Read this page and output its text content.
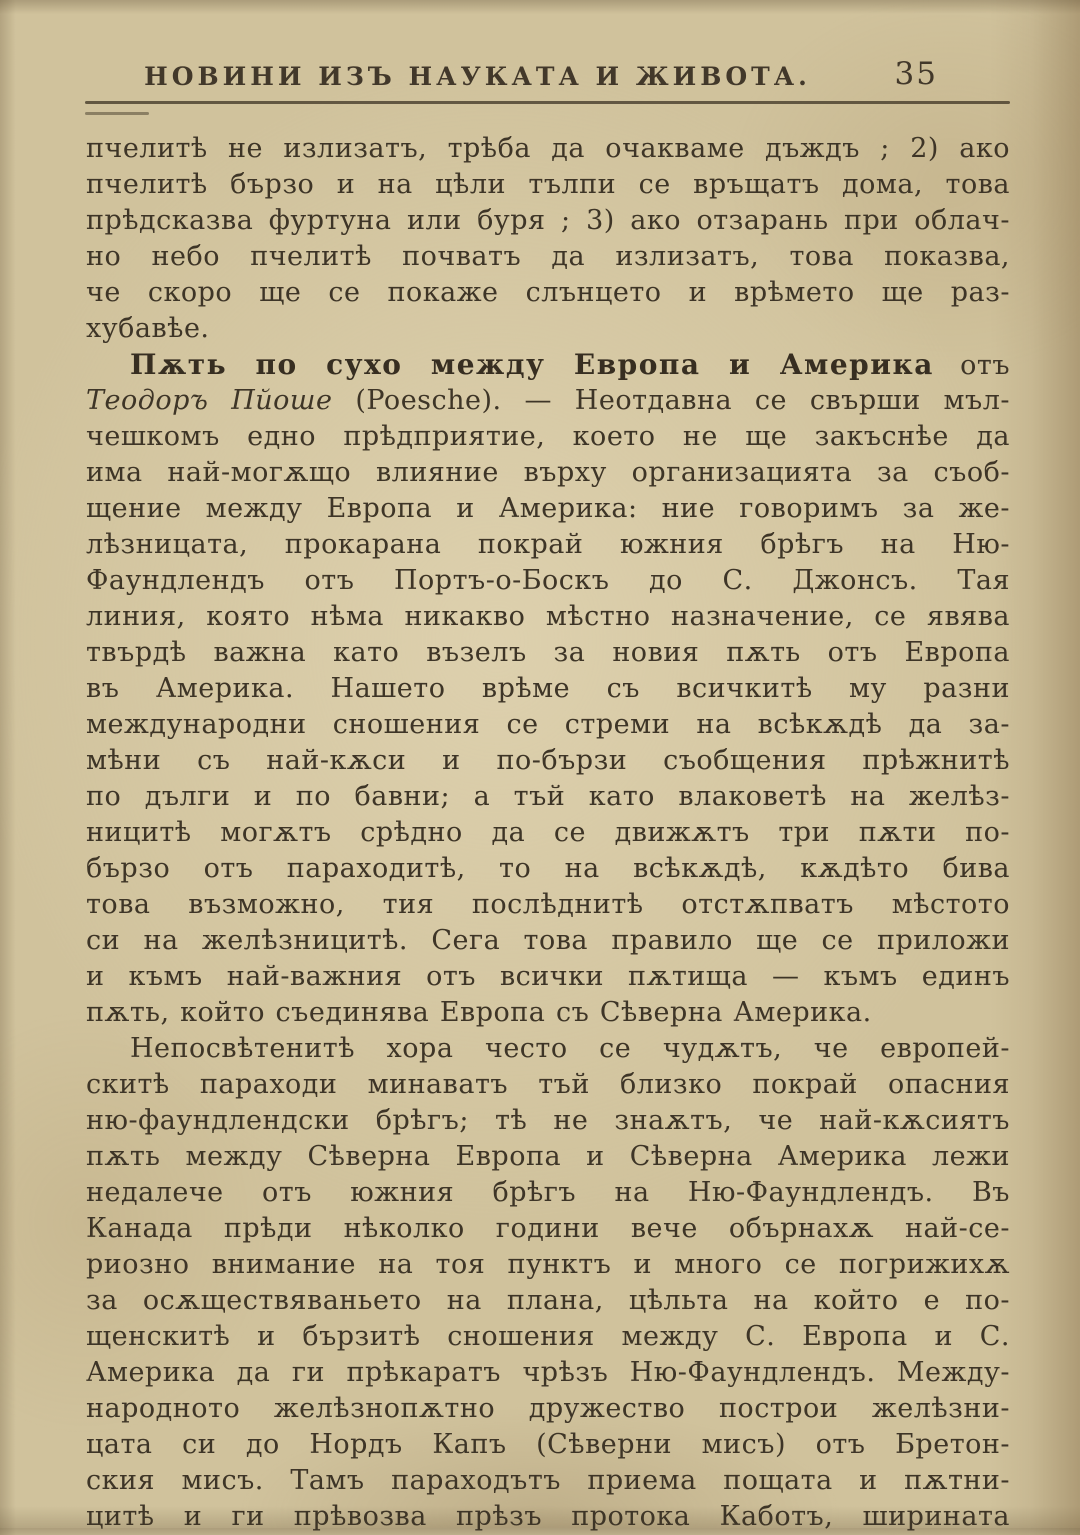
НОВИНИ ИЗЪ НАУКАТА И ЖИВОТА.	35
пчелитѣ не излизатъ, трѣба да очакваме дъждъ ; 2) ако
пчелитѣ бързо и на цѣли тълпи се връщатъ дома, това
прѣдсказва фуртуна или буря ; 3) ако отзарань при облач-
но небо пчелитѣ почватъ да излизатъ, това показва,
че скоро ще се покаже слънцето и врѣмето ще раз-
хубавѣе.
Пѫть по сухо между Европа и Америка отъ
Теодоръ Пйоше (Poesche). — Неотдавна се свърши мъл-
чешкомъ едно прѣдприятие, което не ще закъснѣе да
има най-могѫщо влияние върху организацията за съоб-
щение между Европа и Америка: ние говоримъ за же-
лѣзницата, прокарана покрай южния брѣгъ на Ню-
Фаундлендъ отъ Портъ-о-Боскъ до С. Джонсъ. Тая
линия, която нѣма никакво мѣстно назначение, се явява
твърдѣ важна като възелъ за новия пѫть отъ Европа
въ Америка. Нашето врѣме съ всичкитѣ му разни
международни сношения се стреми на всѣкѫдѣ да за-
мѣни съ най-кѫси и по-бързи съобщения прѣжнитѣ
по дълги и по бавни; а тъй като влаковетѣ на желѣз-
ницитѣ могѫтъ срѣдно да се движѫтъ три пѫти по-
бързо отъ параходитѣ, то на всѣкѫдѣ, кѫдѣто бива
това възможно, тия послѣднитѣ отстѫпватъ мѣстото
си на желѣзницитѣ. Сега това правило ще се приложи
и къмъ най-важния отъ всички пѫтища — къмъ единъ
пѫть, който съединява Европа съ Сѣверна Америка.
Непосвѣтенитѣ хора често се чудѫтъ, че европей-
скитѣ параходи минаватъ тъй близко покрай опасния
ню-фаундлендски брѣгъ; тѣ не знаѫтъ, че най-кѫсиятъ
пѫть между Сѣверна Европа и Сѣверна Америка лежи
недалече отъ южния брѣгъ на Ню-Фаундлендъ. Въ
Канада прѣди нѣколко години вече обърнахѫ най-се-
риозно внимание на тоя пунктъ и много се погрижихѫ
за осѫществяваньето на плана, цѣльта на който е по-
щенскитѣ и бързитѣ сношения между С. Европа и С.
Америка да ги прѣкаратъ чрѣзъ Ню-Фаундлендъ. Между-
народното желѣзнопѫтно дружество построи желѣзни-
цата си до Нордъ Капъ (Сѣверни мисъ) отъ Бретон-
ския мисъ. Тамъ параходътъ приема пощата и пѫтни-
цитѣ и ги прѣвозва прѣзъ протока Каботъ, ширината
